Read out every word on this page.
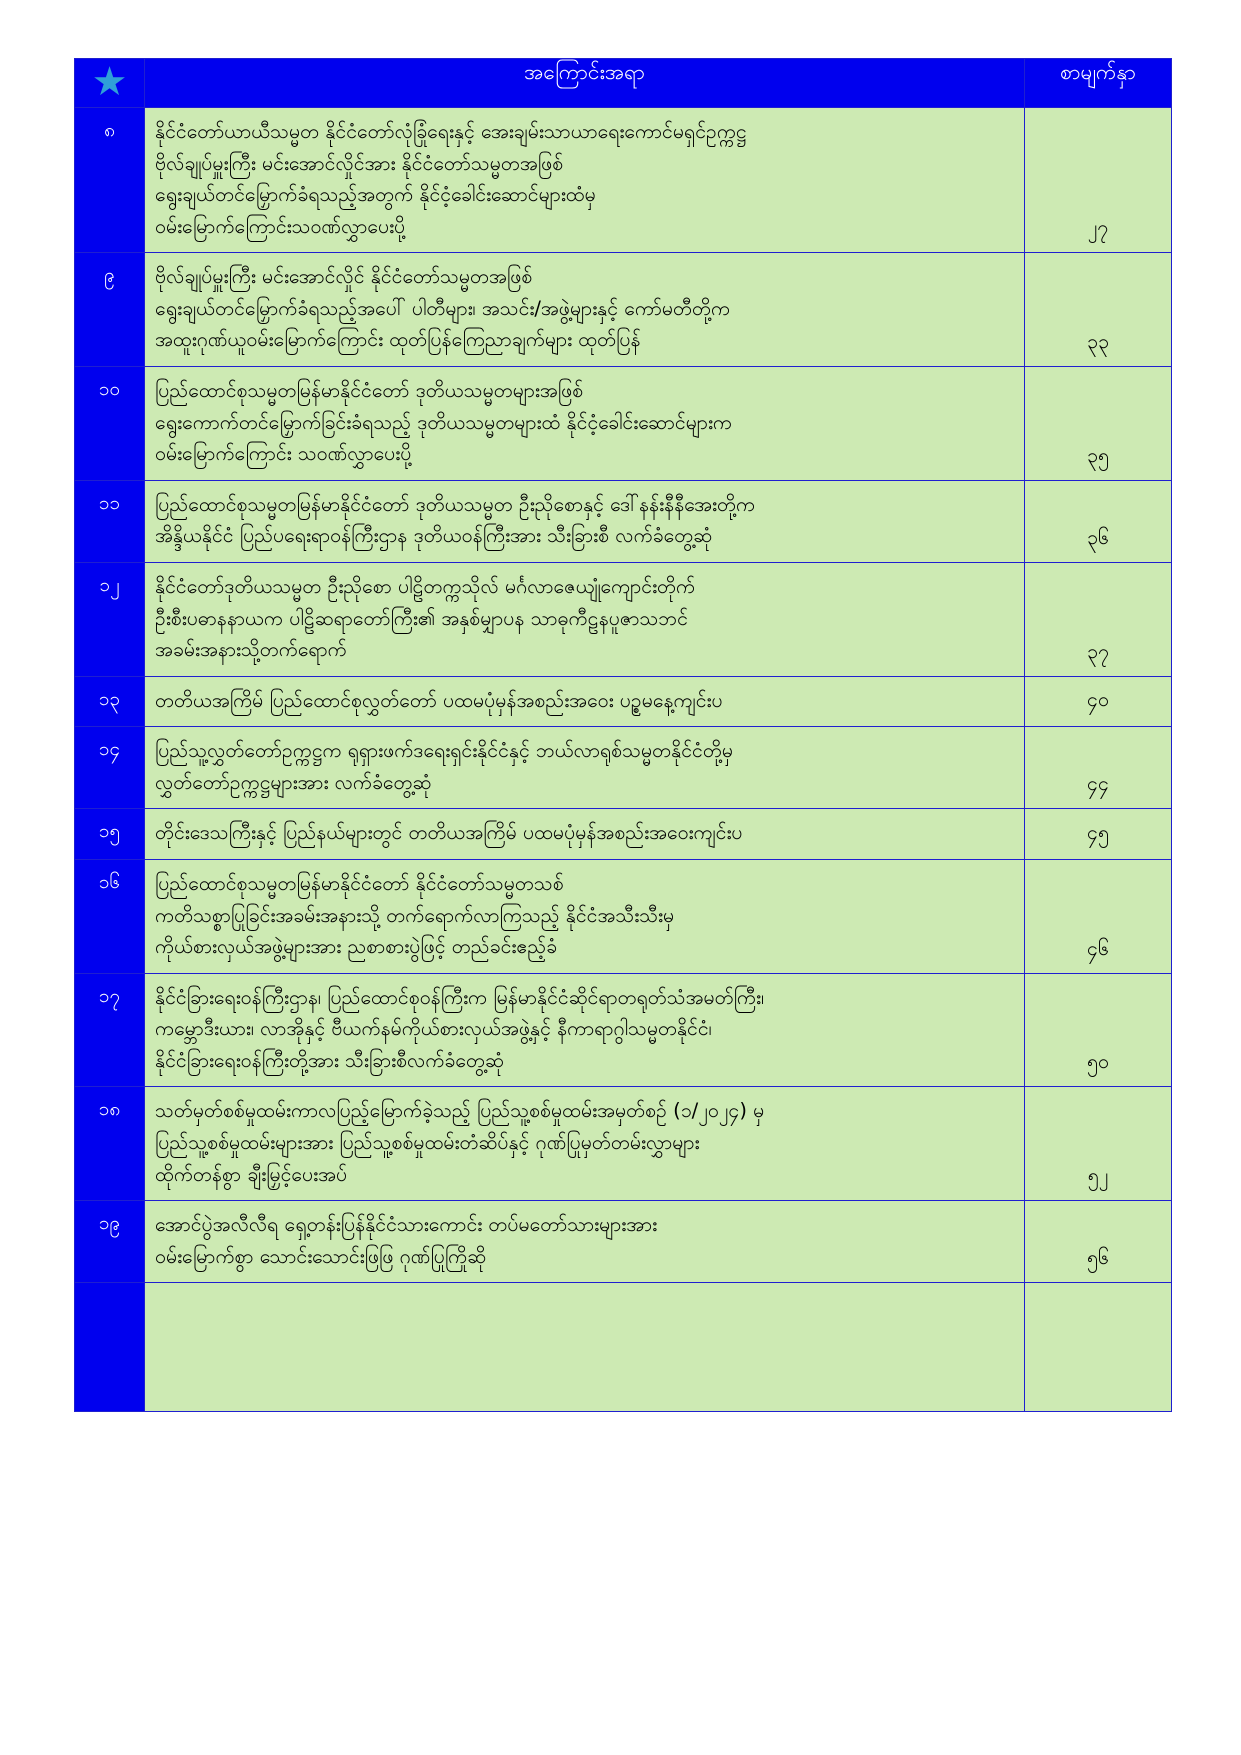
★	အကြောင်းအရာ	စာမျက်နှာ
၈	နိုင်ငံတော်ယာယီသမ္မတ နိုင်ငံတော်လုံခြုံရေးနှင့် အေးချမ်းသာယာရေးကောင်မရှင်ဥက္ကဋ္ဌ
ဗိုလ်ချုပ်မှူးကြီး မင်းအောင်လှိုင်အား နိုင်ငံတော်သမ္မတအဖြစ်
ရွေးချယ်တင်မြှောက်ခံရသည့်အတွက် နိုင်ငံ့ခေါင်းဆောင်များထံမှ
ဝမ်းမြောက်ကြောင်းသဝဏ်လွှာပေးပို့	၂၇
၉	ဗိုလ်ချုပ်မှူးကြီး မင်းအောင်လှိုင် နိုင်ငံတော်သမ္မတအဖြစ်
ရွေးချယ်တင်မြှောက်ခံရသည့်အပေါ် ပါတီများ၊ အသင်း/အဖွဲ့များနှင့် ကော်မတီတို့က
အထူးဂုဏ်ယူဝမ်းမြောက်ကြောင်း ထုတ်ပြန်ကြေညာချက်များ ထုတ်ပြန်	၃၃
၁၀	ပြည်ထောင်စုသမ္မတမြန်မာနိုင်ငံတော် ဒုတိယသမ္မတများအဖြစ်
ရွေးကောက်တင်မြှောက်ခြင်းခံရသည့် ဒုတိယသမ္မတများထံ နိုင်ငံ့ခေါင်းဆောင်များက
ဝမ်းမြောက်ကြောင်း သဝဏ်လွှာပေးပို့	၃၅
၁၁	ပြည်ထောင်စုသမ္မတမြန်မာနိုင်ငံတော် ဒုတိယသမ္မတ ဦးညိုစောနှင့် ဒေါ်နန်းနီနီအေးတို့က
အိန္ဒိယနိုင်ငံ ပြည်ပရေးရာဝန်ကြီးဌာန ဒုတိယဝန်ကြီးအား သီးခြားစီ လက်ခံတွေ့ဆုံ	၃၆
၁၂	နိုင်ငံတော်ဒုတိယသမ္မတ ဦးညိုစော ပါဠိတက္ကသိုလ် မင်္ဂလာဇေယျုံကျောင်းတိုက်
ဦးစီးပဓာနနာယက ပါဠိဆရာတော်ကြီး၏ အနှစ်မျှာပန သာဓုကီဠနပူဇာသဘင်
အခမ်းအနားသို့တက်ရောက်	၃၇
၁၃	တတိယအကြိမ် ပြည်ထောင်စုလွှတ်တော် ပထမပုံမှန်အစည်းအဝေး ပဉ္စမနေ့ကျင်းပ	၄၀
၁၄	ပြည်သူ့လွှတ်တော်ဥက္ကဋ္ဌက ရုရှားဖက်ဒရေးရှင်းနိုင်ငံနှင့် ဘယ်လာရုစ်သမ္မတနိုင်ငံတို့မှ
လွှတ်တော်ဥက္ကဋ္ဌများအား လက်ခံတွေ့ဆုံ	၄၄
၁၅	တိုင်းဒေသကြီးနှင့် ပြည်နယ်များတွင် တတိယအကြိမ် ပထမပုံမှန်အစည်းအဝေးကျင်းပ	၄၅
၁၆	ပြည်ထောင်စုသမ္မတမြန်မာနိုင်ငံတော် နိုင်ငံတော်သမ္မတသစ်
ကတိသစ္စာပြုခြင်းအခမ်းအနားသို့ တက်ရောက်လာကြသည့် နိုင်ငံအသီးသီးမှ
ကိုယ်စားလှယ်အဖွဲ့များအား ညစာစားပွဲဖြင့် တည်ခင်းဧည့်ခံ	၄၆
၁၇	နိုင်ငံခြားရေးဝန်ကြီးဌာန၊ ပြည်ထောင်စုဝန်ကြီးက မြန်မာနိုင်ငံဆိုင်ရာတရုတ်သံအမတ်ကြီး၊
ကမ္ဘောဒီးယား၊ လာအိုနှင့် ဗီယက်နမ်ကိုယ်စားလှယ်အဖွဲ့နှင့် နီကာရာဂွါသမ္မတနိုင်ငံ၊
နိုင်ငံခြားရေးဝန်ကြီးတို့အား သီးခြားစီလက်ခံတွေ့ဆုံ	၅၀
၁၈	သတ်မှတ်စစ်မှုထမ်းကာလပြည့်မြောက်ခဲ့သည့် ပြည်သူ့စစ်မှုထမ်းအမှတ်စဉ် (၁/၂၀၂၄) မှ
ပြည်သူ့စစ်မှုထမ်းများအား ပြည်သူ့စစ်မှုထမ်းတံဆိပ်နှင့် ဂုဏ်ပြုမှတ်တမ်းလွှာများ
ထိုက်တန်စွာ ချီးမြှင့်ပေးအပ်	၅၂
၁၉	အောင်ပွဲအလီလီရ ရှေ့တန်းပြန်နိုင်ငံသားကောင်း တပ်မတော်သားများအား
ဝမ်းမြောက်စွာ သောင်းသောင်းဖြဖြ ဂုဏ်ပြုကြိုဆို	၅၆
